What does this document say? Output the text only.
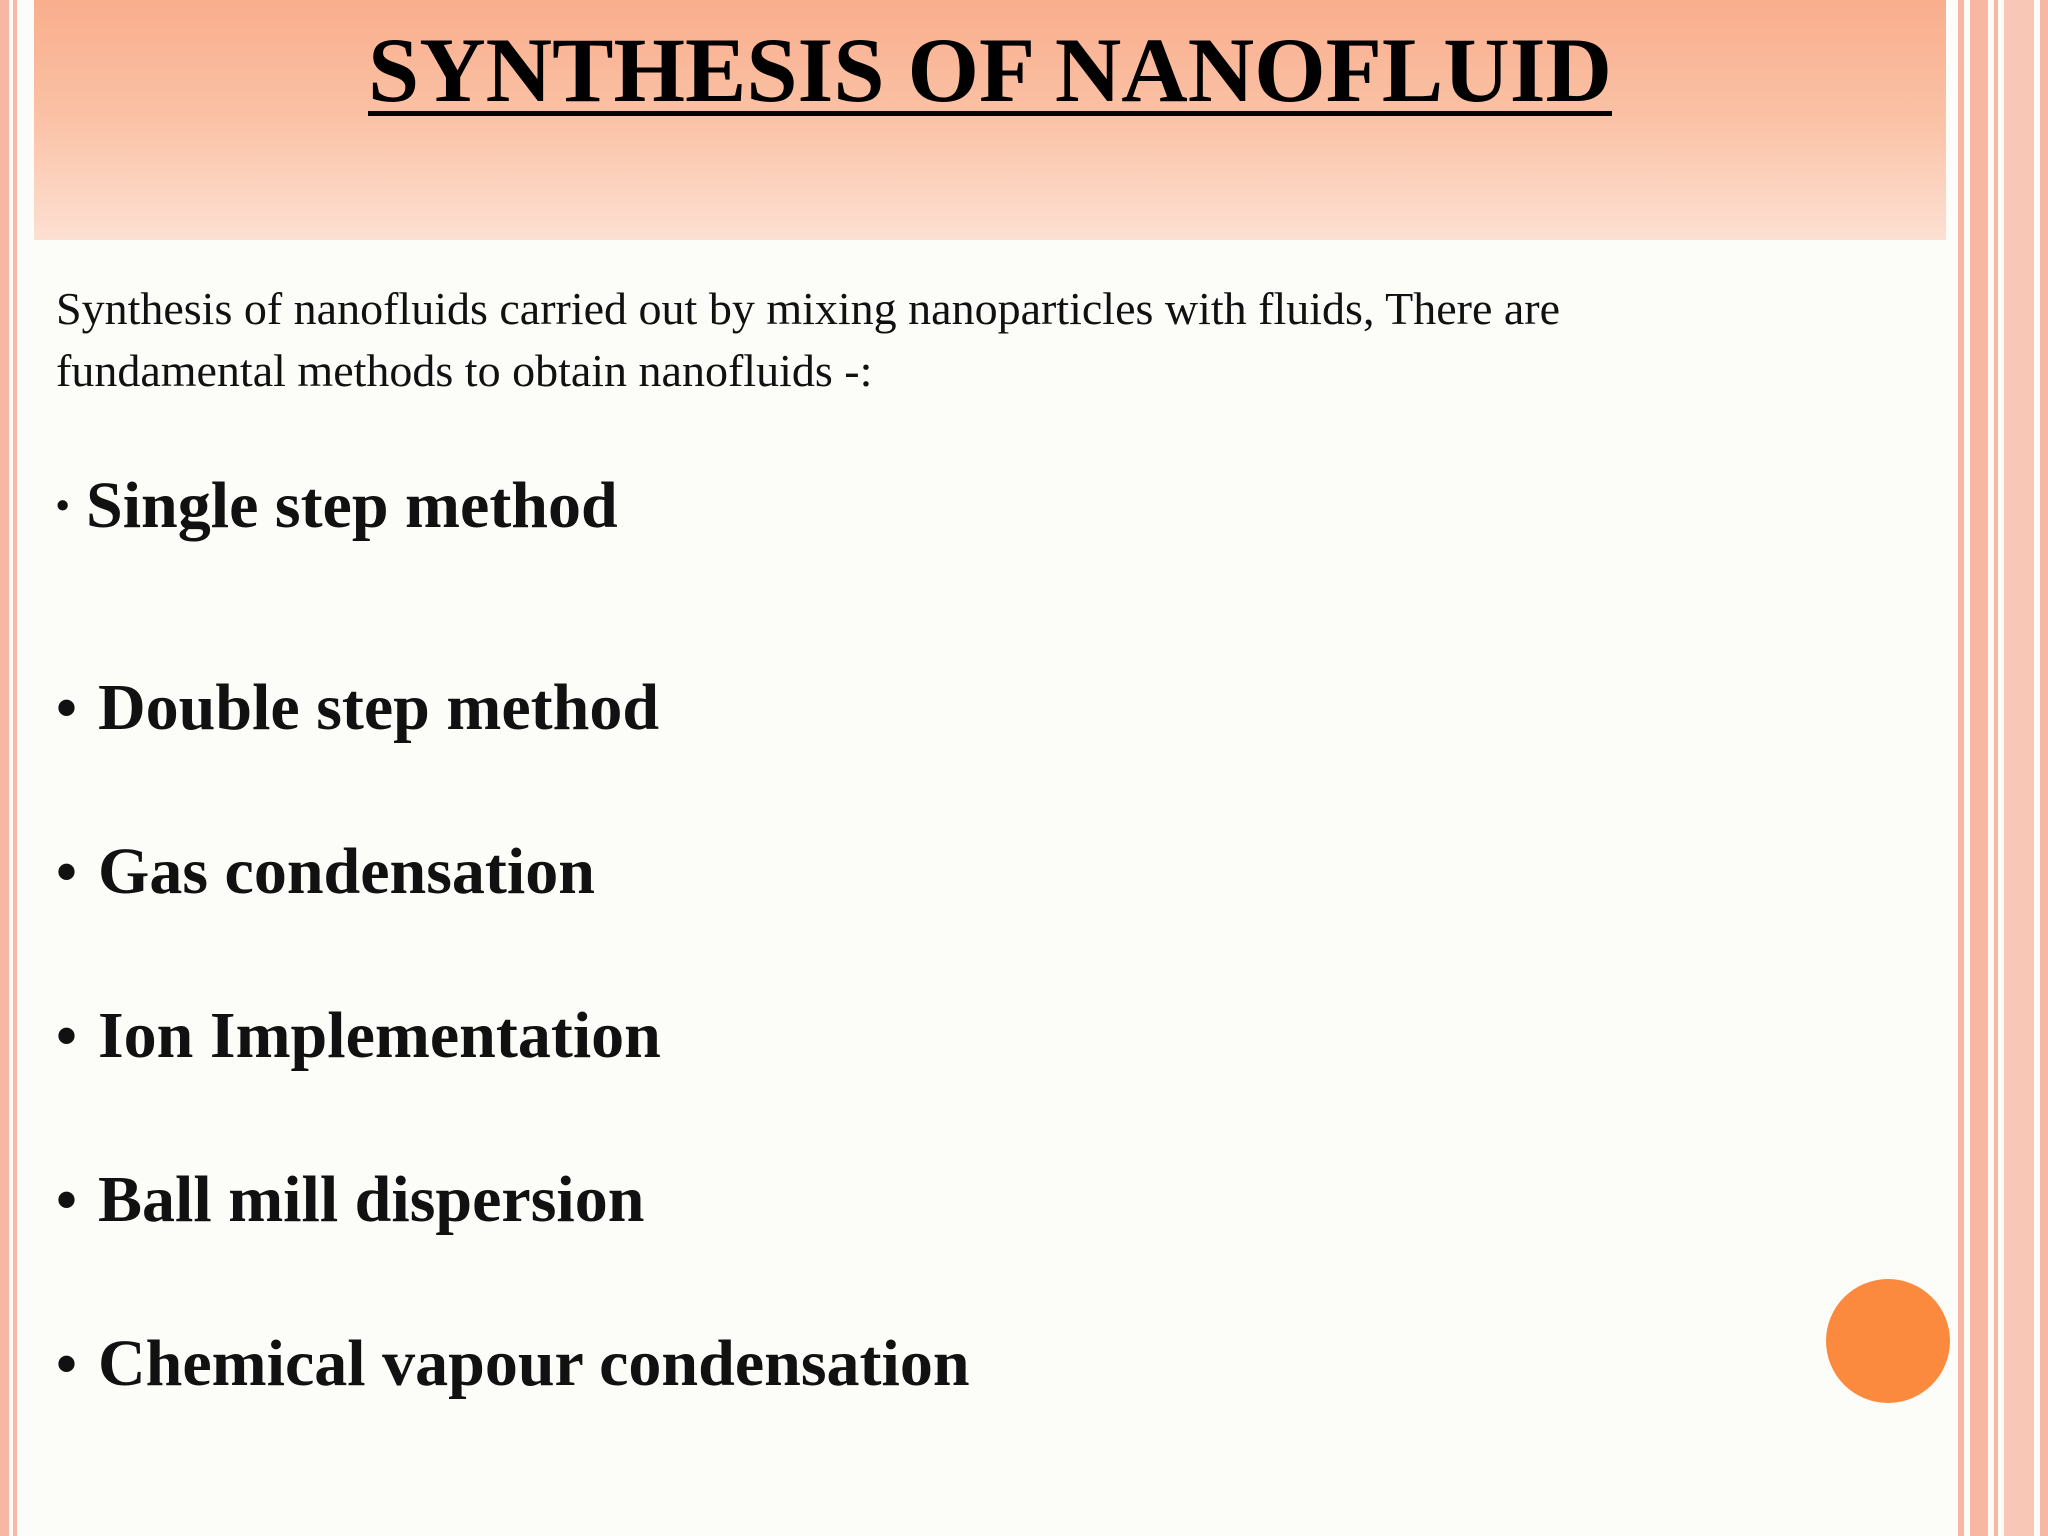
SYNTHESIS OF NANOFLUID

Synthesis of nanofluids carried out by mixing nanoparticles with fluids, There are
fundamental methods to obtain nanofluids -:

• Single step method
• Double step method
• Gas condensation
• Ion Implementation
• Ball mill dispersion
• Chemical vapour condensation
